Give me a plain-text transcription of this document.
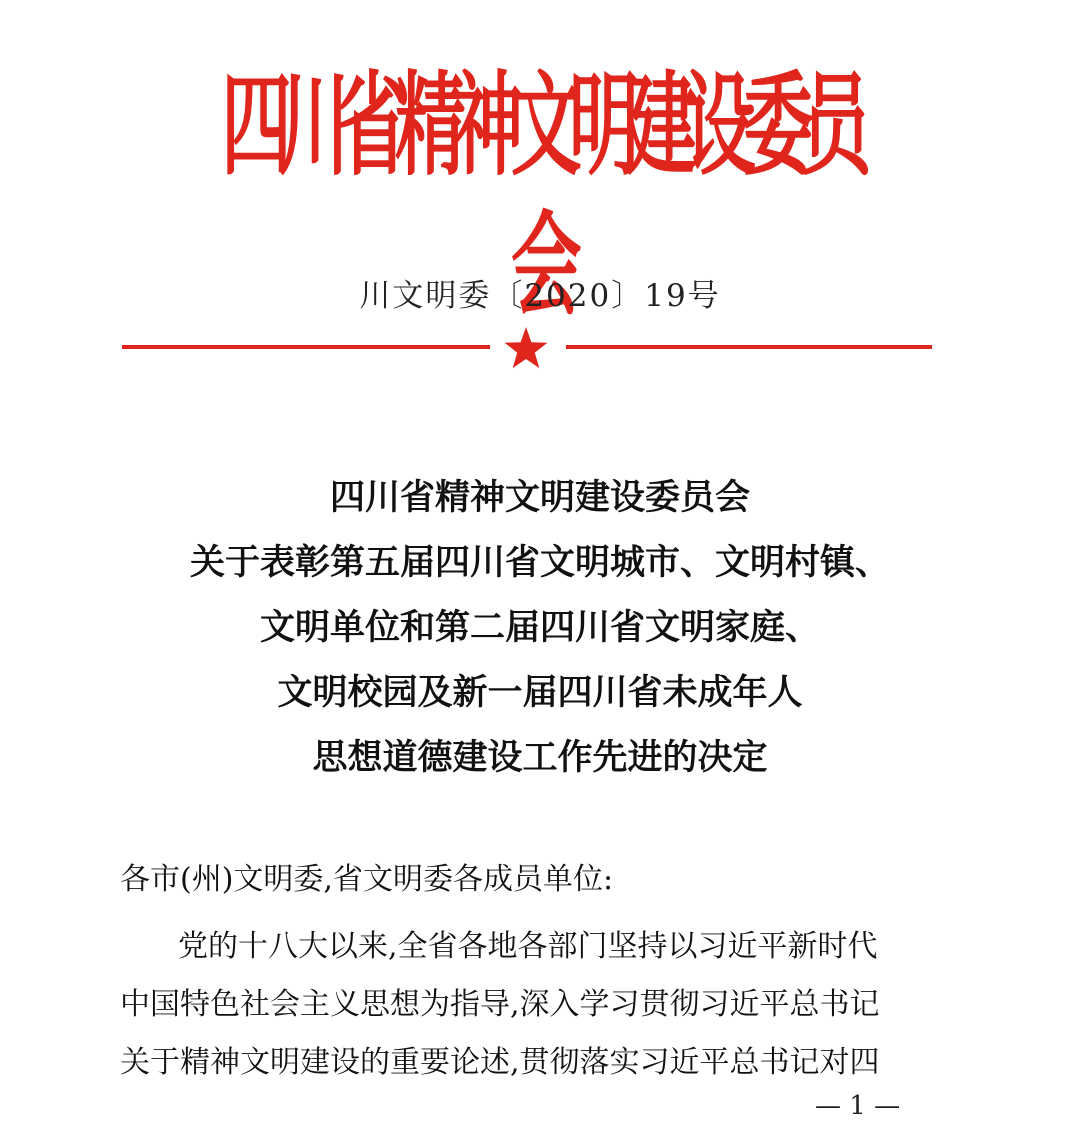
四川省精神文明建设委员会
川文明委〔2020〕19号
四川省精神文明建设委员会
关于表彰第五届四川省文明城市、文明村镇、
文明单位和第二届四川省文明家庭、
文明校园及新一届四川省未成年人
思想道德建设工作先进的决定
各市(州)文明委,省文明委各成员单位:
党的十八大以来,全省各地各部门坚持以习近平新时代
中国特色社会主义思想为指导,深入学习贯彻习近平总书记
关于精神文明建设的重要论述,贯彻落实习近平总书记对四
— 1 —
